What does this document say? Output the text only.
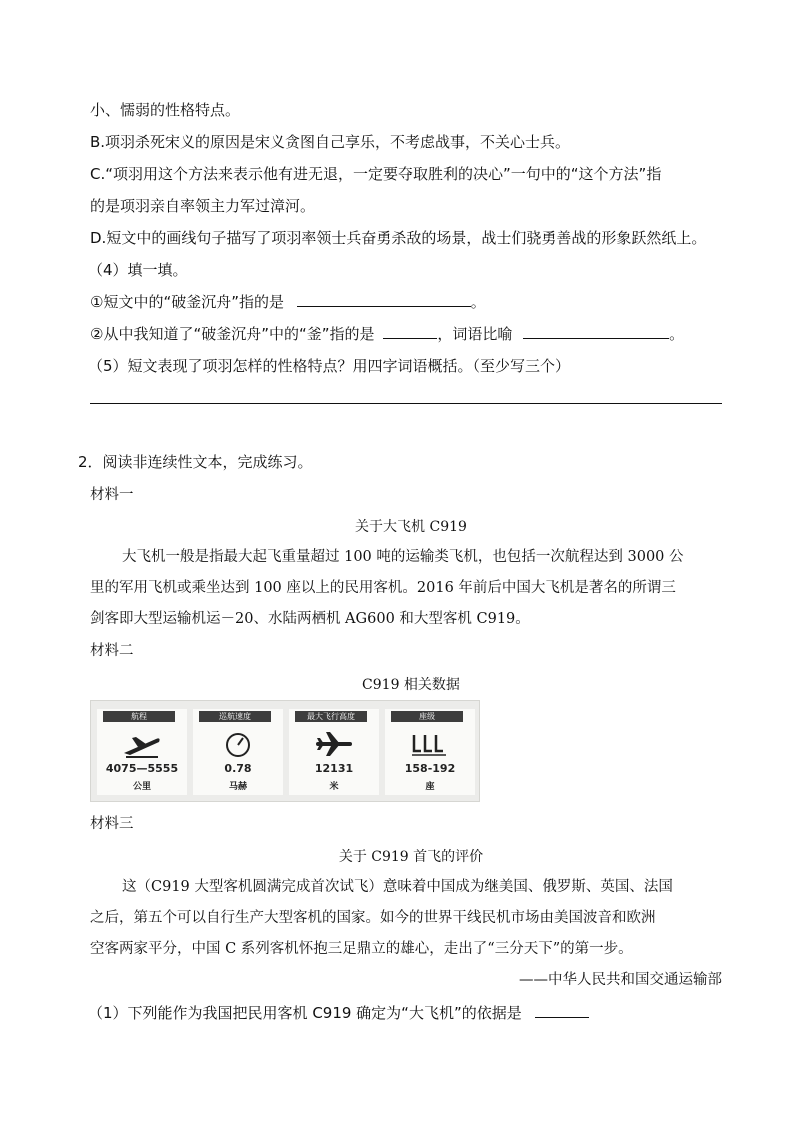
小、懦弱的性格特点。
B.项羽杀死宋义的原因是宋义贪图自己享乐，不考虑战事，不关心士兵。
C.“项羽用这个方法来表示他有进无退，一定要夺取胜利的决心”一句中的“这个方法”指
的是项羽亲自率领主力军过漳河。
D.短文中的画线句子描写了项羽率领士兵奋勇杀敌的场景，战士们骁勇善战的形象跃然纸上。
（4）填一填。
①短文中的“破釜沉舟”指的是	。
②从中我知道了“破釜沉舟”中的“釜”指的是	，词语比喻	。
（5）短文表现了项羽怎样的性格特点？用四字词语概括。（至少写三个）
2．阅读非连续性文本，完成练习。
材料一
关于大飞机 C919
大飞机一般是指最大起飞重量超过 100 吨的运输类飞机，也包括一次航程达到 3000 公
里的军用飞机或乘坐达到 100 座以上的民用客机。2016 年前后中国大飞机是著名的所谓三
剑客即大型运输机运－20、水陆两栖机 AG600 和大型客机 C919。
材料二
C919 相关数据
航程
4075—5555
公里
巡航速度
0.78
马赫
最大飞行高度
12131
米
座级
158-192
座
材料三
关于 C919 首飞的评价
这（C919 大型客机圆满完成首次试飞）意味着中国成为继美国、俄罗斯、英国、法国
之后，第五个可以自行生产大型客机的国家。如今的世界干线民机市场由美国波音和欧洲
空客两家平分，中国 C 系列客机怀抱三足鼎立的雄心，走出了“三分天下”的第一步。
——中华人民共和国交通运输部
（1）下列能作为我国把民用客机 C919 确定为“大飞机”的依据是
